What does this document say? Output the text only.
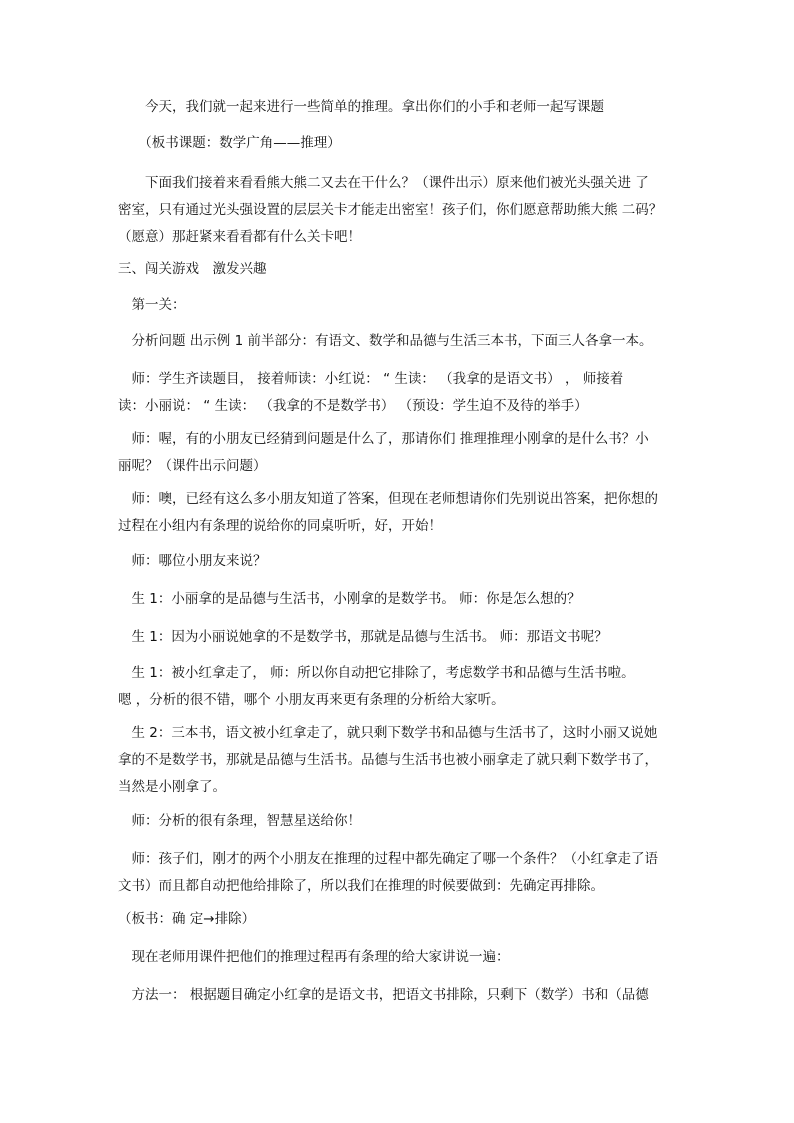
　　今天，我们就一起来进行一些简单的推理。拿出你们的小手和老师一起写课题
　　（板书课题：数学广角——推理）
　　下面我们接着来看看熊大熊二又去在干什么？（课件出示）原来他们被光头强关进 了
密室，只有通过光头强设置的层层关卡才能走出密室！孩子们，你们愿意帮助熊大熊 二码？
（愿意）那赶紧来看看都有什么关卡吧！
三、闯关游戏　激发兴趣
　第一关：
　分析问题 出示例 1 前半部分：有语文、数学和品德与生活三本书，下面三人各拿一本。
　师：学生齐读题目， 接着师读：小红说： “ 生读： （我拿的是语文书） ， 师接着
读：小丽说： “ 生读： （我拿的不是数学书） （预设：学生迫不及待的举手）
　师：喔，有的小朋友已经猜到问题是什么了，那请你们 推理推理小刚拿的是什么书？小
丽呢？（课件出示问题）
　师：噢，已经有这么多小朋友知道了答案，但现在老师想请你们先别说出答案，把你想的
过程在小组内有条理的说给你的同桌听听，好，开始！
　师：哪位小朋友来说？
　生 1：小丽拿的是品德与生活书，小刚拿的是数学书。 师：你是怎么想的？
　生 1：因为小丽说她拿的不是数学书，那就是品德与生活书。 师：那语文书呢？
　生 1：被小红拿走了， 师：所以你自动把它排除了，考虑数学书和品德与生活书啦。
嗯 ，分析的很不错，哪个 小朋友再来更有条理的分析给大家听。
　生 2：三本书，语文被小红拿走了，就只剩下数学书和品德与生活书了，这时小丽又说她
拿的不是数学书，那就是品德与生活书。品德与生活书也被小丽拿走了就只剩下数学书了，
当然是小刚拿了。
　师：分析的很有条理，智慧星送给你！
　师：孩子们，刚才的两个小朋友在推理的过程中都先确定了哪一个条件？（小红拿走了语
文书）而且都自动把他给排除了，所以我们在推理的时候要做到：先确定再排除。
（板书：确 定→排除）
　现在老师用课件把他们的推理过程再有条理的给大家讲说一遍：
　方法一： 根据题目确定小红拿的是语文书，把语文书排除，只剩下（数学）书和（品德
